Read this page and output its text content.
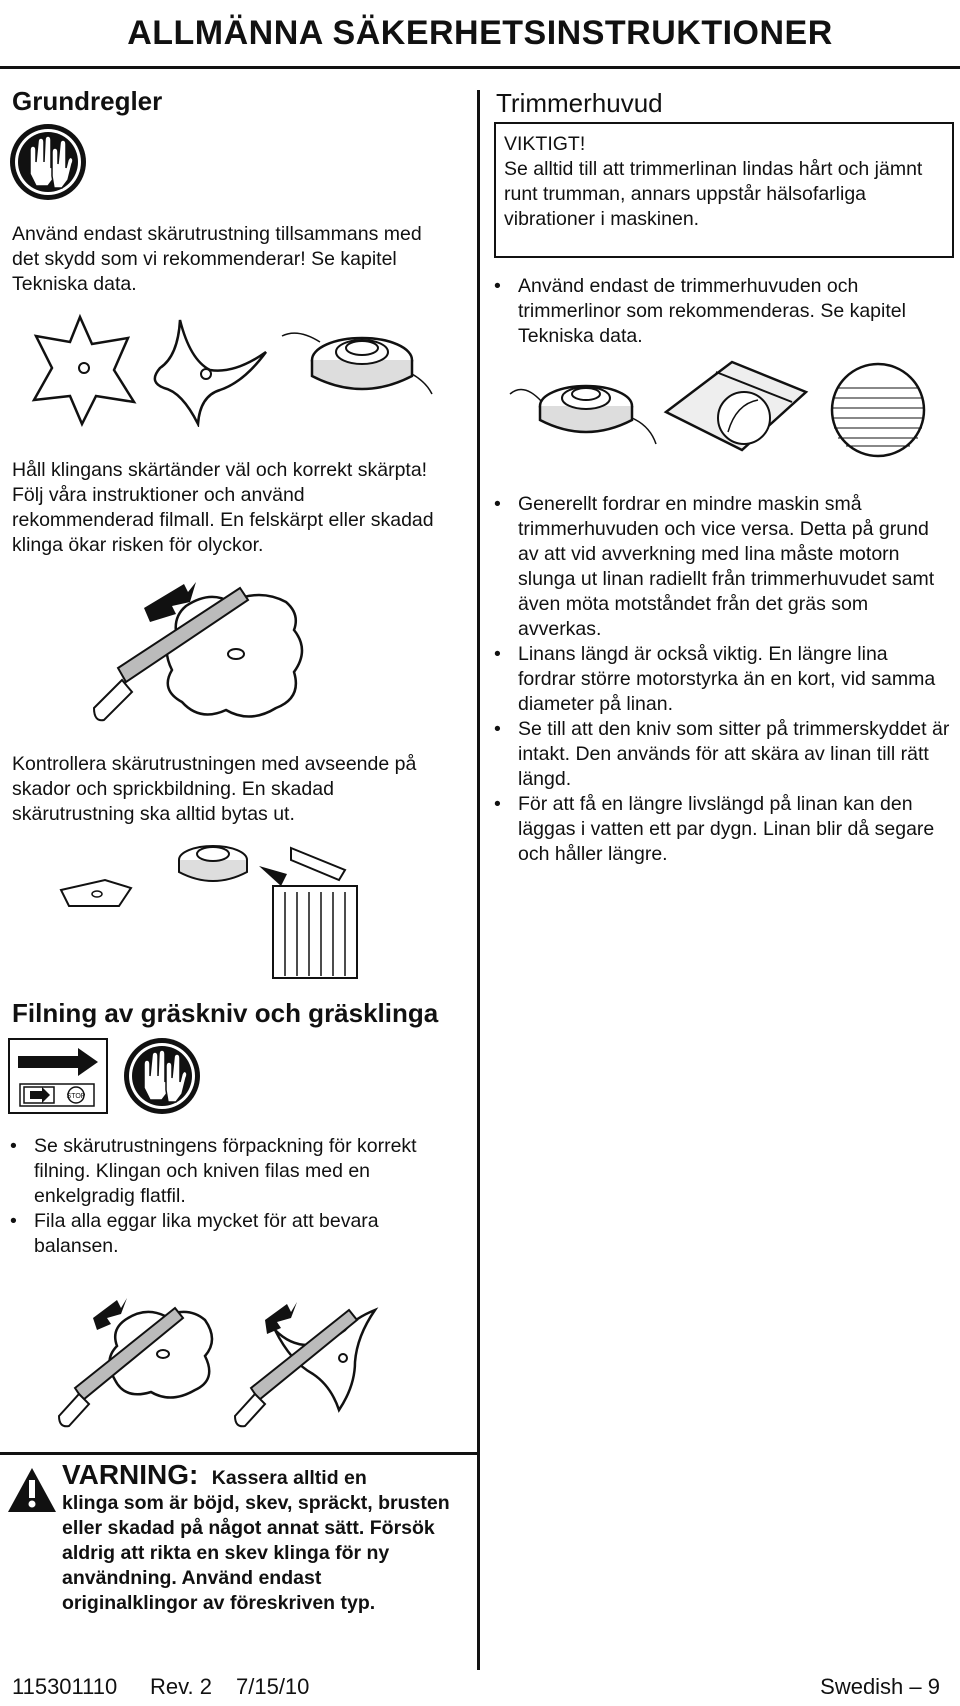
ALLMÄNNA SÄKERHETSINSTRUKTIONER
Grundregler
Använd endast skärutrustning tillsammans med det skydd som vi rekommenderar! Se kapitel Tekniska data.
Håll klingans skärtänder väl och korrekt skärpta! Följ våra instruktioner och använd rekommenderad filmall. En felskärpt eller skadad klinga ökar risken för olyckor.
Kontrollera skärutrustningen med avseende på skador och sprickbildning. En skadad skärutrustning ska alltid bytas ut.
Filning av gräskniv och gräsklinga
STOP
• Se skärutrustningens förpackning för korrekt filning. Klingan och kniven filas med en enkelgradig flatfil.
• Fila alla eggar lika mycket för att bevara balansen.
VARNING: Kassera alltid en
klinga som är böjd, skev, spräckt, brusten eller skadad på något annat sätt. Försök aldrig att rikta en skev klinga för ny användning. Använd endast originalklingor av föreskriven typ.
Trimmerhuvud
VIKTIGT!
Se alltid till att trimmerlinan lindas hårt och jämnt runt trumman, annars uppstår hälsofarliga vibrationer i maskinen.
• Använd endast de trimmerhuvuden och trimmerlinor som rekommenderas. Se kapitel Tekniska data.
• Generellt fordrar en mindre maskin små trimmerhuvuden och vice versa. Detta på grund av att vid avverkning med lina måste motorn slunga ut linan radiellt från trimmerhuvudet samt även möta motståndet från det gräs som avverkas.
• Linans längd är också viktig. En längre lina fordrar större motorstyrka än en kort, vid samma diameter på linan.
• Se till att den kniv som sitter på trimmerskyddet är intakt. Den används för att skära av linan till rätt längd.
• För att få en längre livslängd på linan kan den läggas i vatten ett par dygn. Linan blir då segare och håller längre.
115301110 Rev. 2 7/15/10	Swedish – 9
